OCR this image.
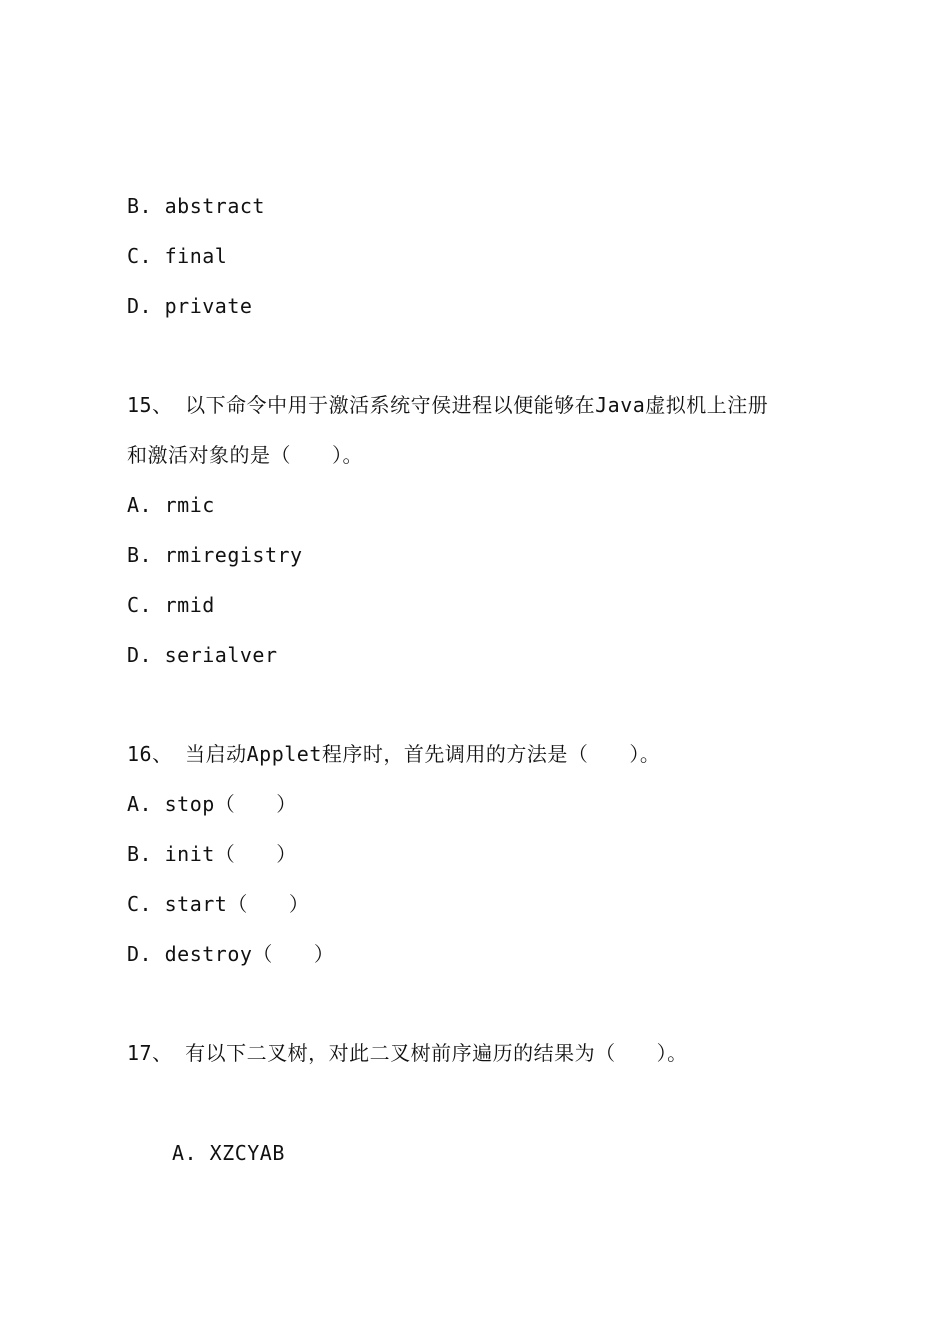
B. abstract
C. final
D. private
15、 以下命令中用于激活系统守侯进程以便能够在Java虚拟机上注册
和激活对象的是（　　）。
A. rmic
B. rmiregistry
C. rmid
D. serialver
16、 当启动Applet程序时，首先调用的方法是（　　）。
A. stop（　　）
B. init（　　）
C. start（　　）
D. destroy（　　）
17、 有以下二叉树，对此二叉树前序遍历的结果为（　　）。
A. XZCYAB
